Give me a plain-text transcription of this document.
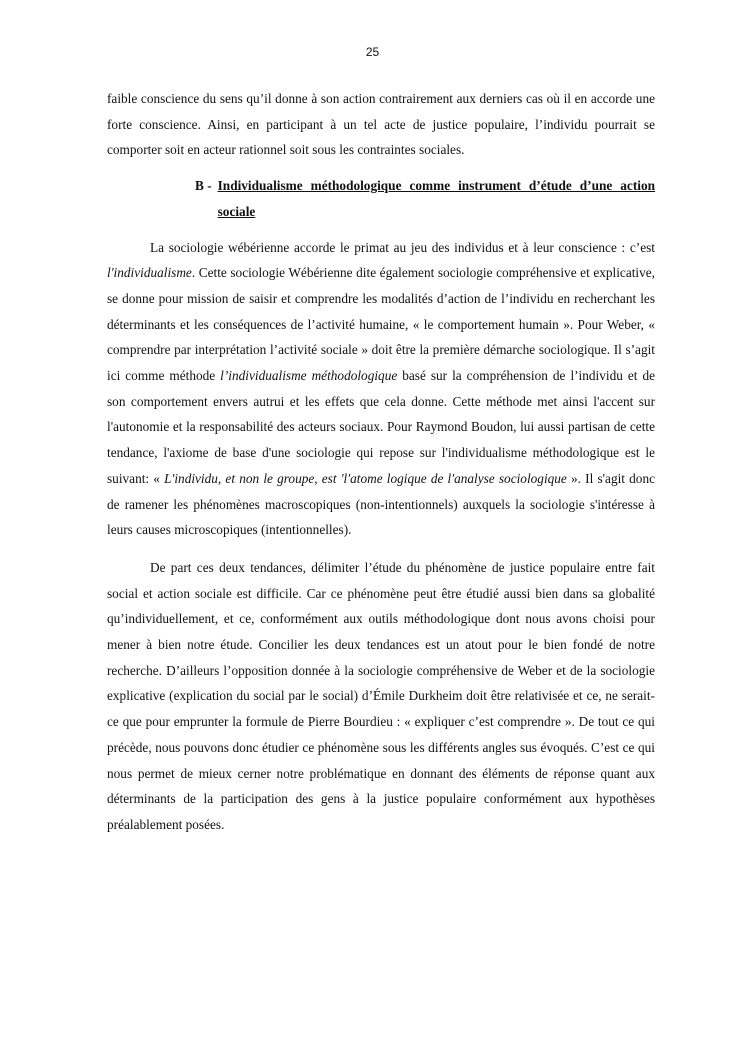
25

faible conscience du sens qu’il donne à son action contrairement aux derniers cas où il en accorde une forte conscience. Ainsi, en participant à un tel acte de justice populaire, l’individu pourrait se comporter soit en acteur rationnel soit sous les contraintes sociales.

B - Individualisme méthodologique comme instrument d’étude d’une action sociale

La sociologie wébérienne accorde le primat au jeu des individus et à leur conscience : c’est l'individualisme. Cette sociologie Wébérienne dite également sociologie compréhensive et explicative, se donne pour mission de saisir et comprendre les modalités d’action de l’individu en recherchant les déterminants et les conséquences de l’activité humaine, « le comportement humain ». Pour Weber, « comprendre par interprétation l’activité sociale » doit être la première démarche sociologique. Il s’agit ici comme méthode l’individualisme méthodologique basé sur la compréhension de l’individu et de son comportement envers autrui et les effets que cela donne. Cette méthode met ainsi l'accent sur l'autonomie et la responsabilité des acteurs sociaux. Pour Raymond Boudon, lui aussi partisan de cette tendance, l'axiome de base d'une sociologie qui repose sur l'individualisme méthodologique est le suivant: « L'individu, et non le groupe, est 'l'atome logique de l'analyse sociologique ». Il s'agit donc de ramener les phénomènes macroscopiques (non-intentionnels) auxquels la sociologie s'intéresse à leurs causes microscopiques (intentionnelles).

De part ces deux tendances, délimiter l’étude du phénomène de justice populaire entre fait social et action sociale est difficile. Car ce phénomène peut être étudié aussi bien dans sa globalité qu’individuellement, et ce, conformément aux outils méthodologique dont nous avons choisi pour mener à bien notre étude. Concilier les deux tendances est un atout pour le bien fondé de notre recherche. D’ailleurs l’opposition donnée à la sociologie compréhensive de Weber et de la sociologie explicative (explication du social par le social) d’Émile Durkheim doit être relativisée et ce, ne serait-ce que pour emprunter la formule de Pierre Bourdieu : « expliquer c’est comprendre ». De tout ce qui précède, nous pouvons donc étudier ce phénomène sous les différents angles sus évoqués. C’est ce qui nous permet de mieux cerner notre problématique en donnant des éléments de réponse quant aux déterminants de la participation des gens à la justice populaire conformément aux hypothèses préalablement posées.
